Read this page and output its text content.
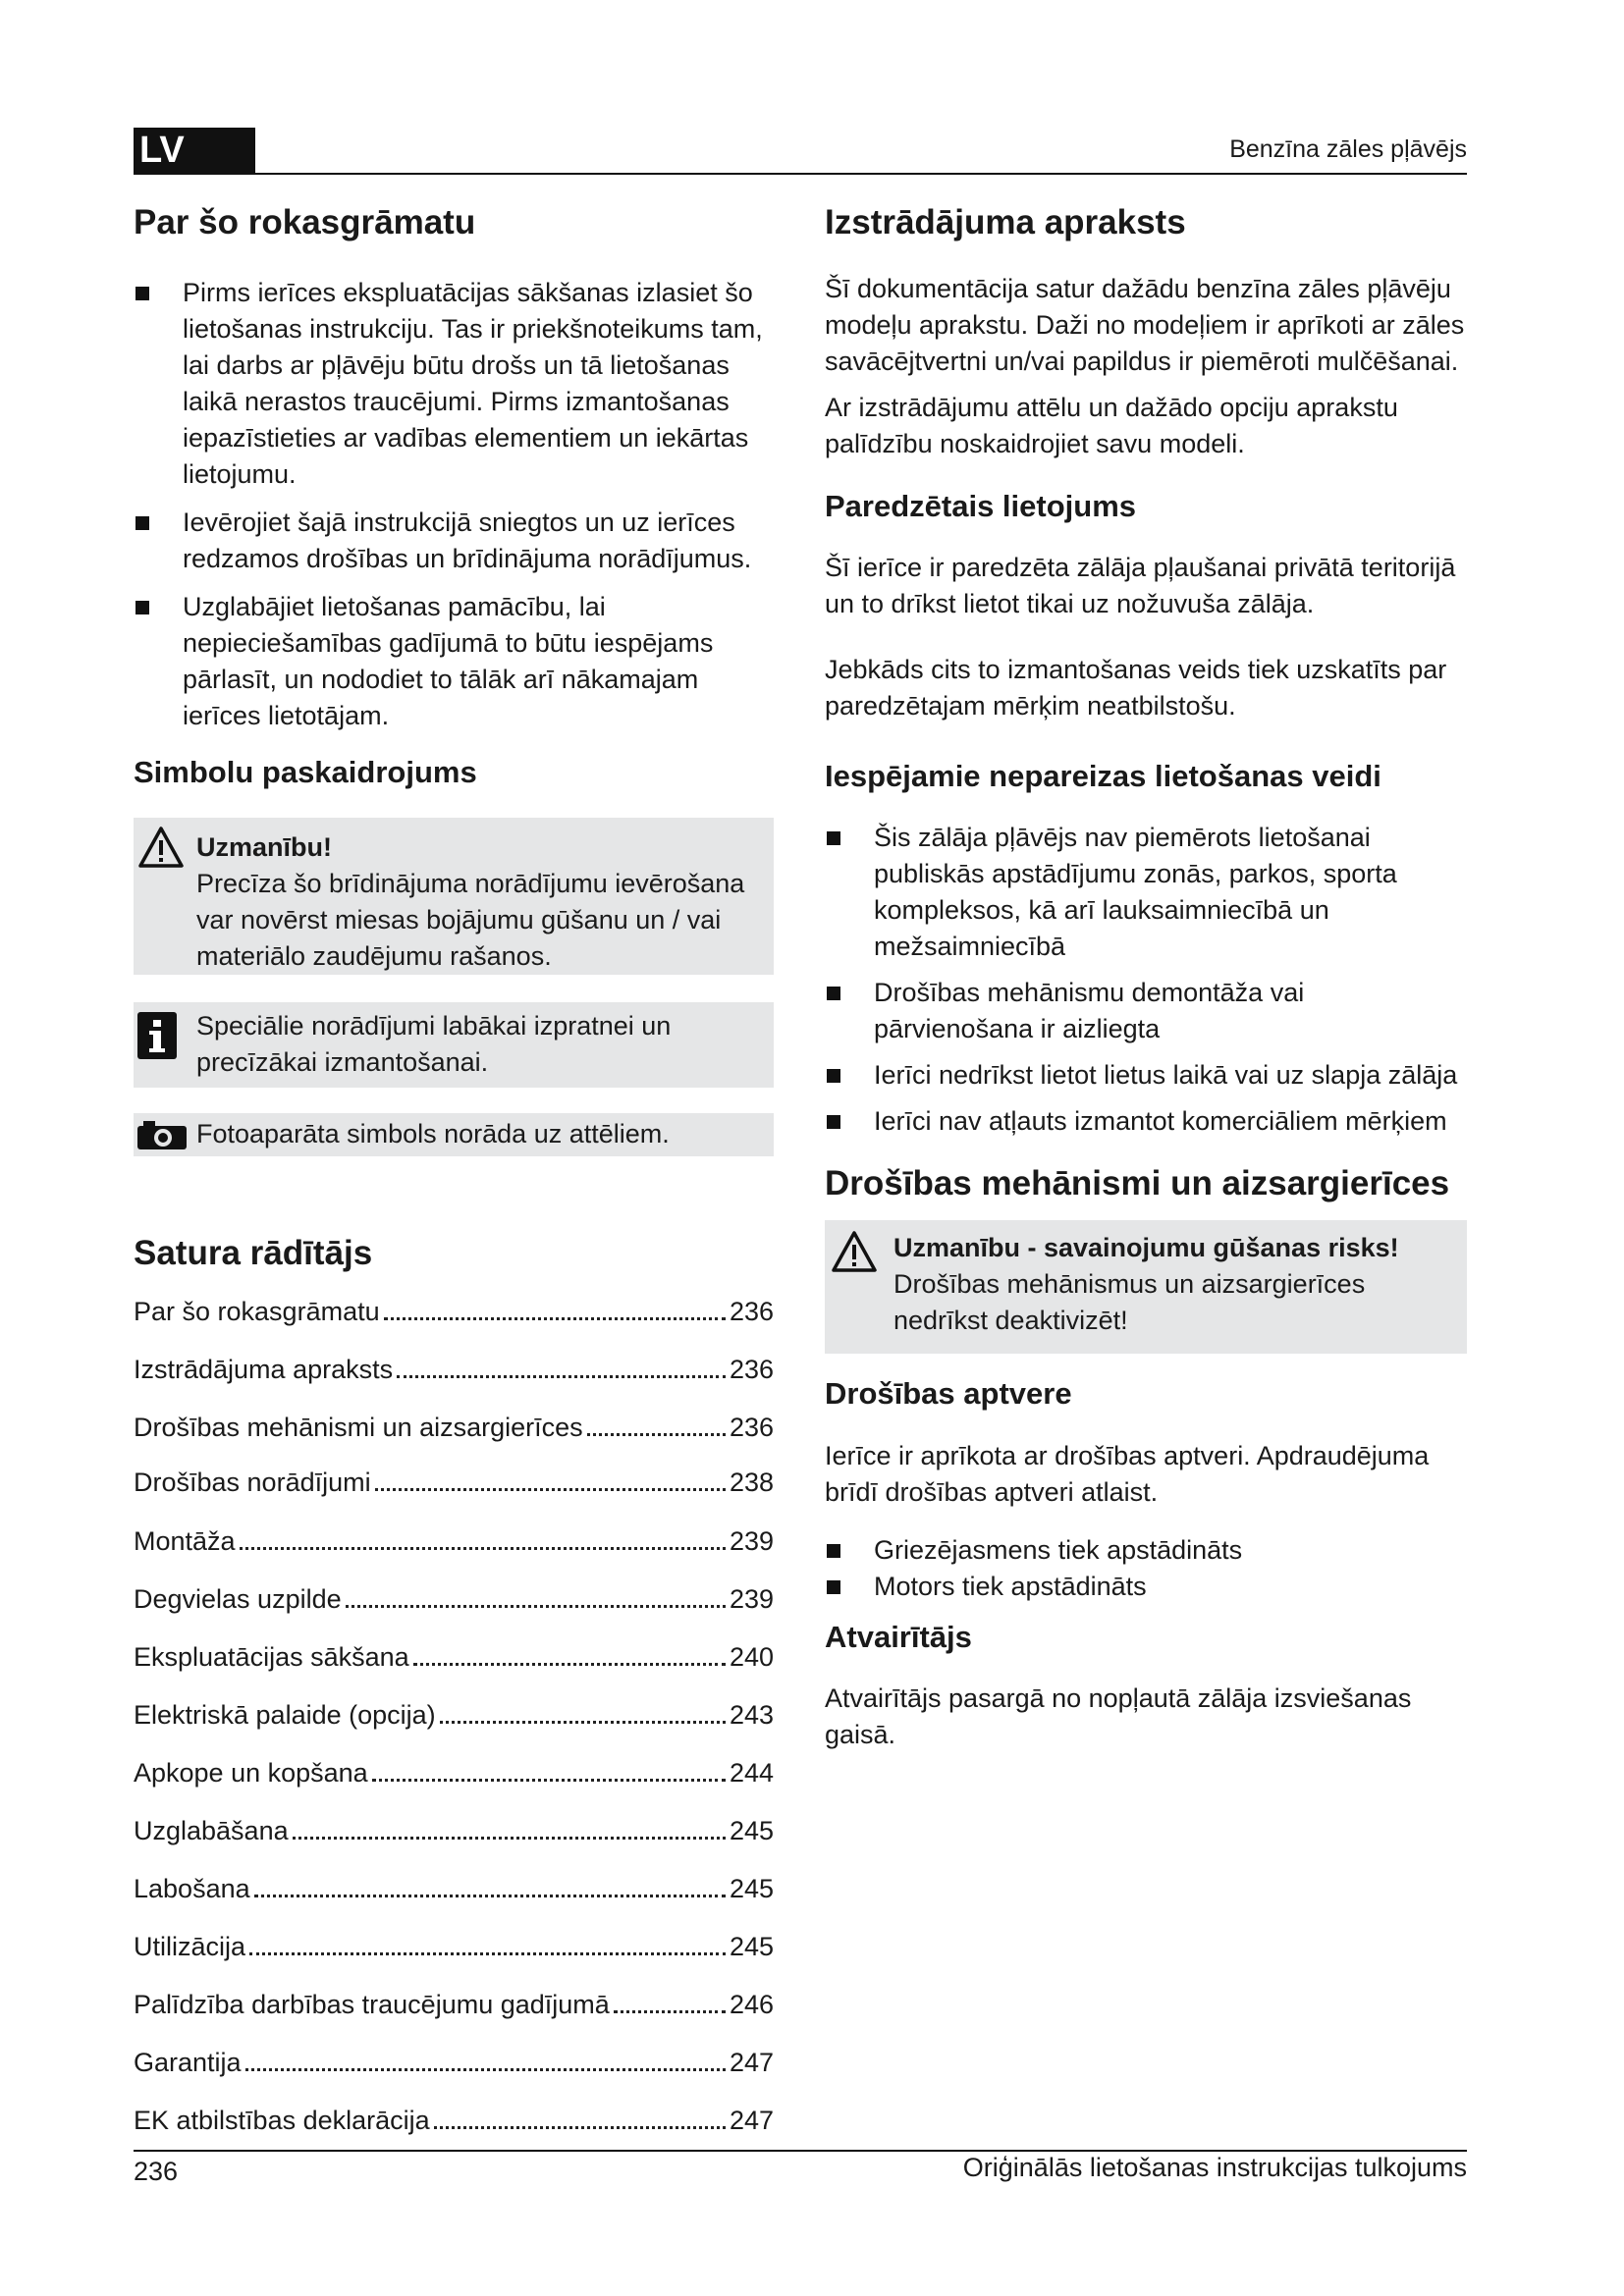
LV	Benzīna zāles pļāvējs
Par šo rokasgrāmatu
Pirms ierīces ekspluatācijas sākšanas izlasiet šo lietošanas instrukciju. Tas ir priekšnoteikums tam, lai darbs ar pļāvēju būtu drošs un tā lietošanas laikā nerastos traucējumi. Pirms izmantošanas iepazīstieties ar vadības elementiem un iekārtas lietojumu.
Ievērojiet šajā instrukcijā sniegtos un uz ierīces redzamos drošības un brīdinājuma norādījumus.
Uzglabājiet lietošanas pamācību, lai nepieciešamības gadījumā to būtu iespējams pārlasīt, un nododiet to tālāk arī nākamajam ierīces lietotājam.
Simbolu paskaidrojums
Uzmanību!
Precīza šo brīdinājuma norādījumu ievērošana var novērst miesas bojājumu gūšanu un / vai materiālo zaudējumu rašanos.
Speciālie norādījumi labākai izpratnei un precīzākai izmantošanai.
Fotoaparāta simbols norāda uz attēliem.
Satura rādītājs
Par šo rokasgrāmatu	236
Izstrādājuma apraksts	236
Drošības mehānismi un aizsargierīces	236
Drošības norādījumi	238
Montāža	239
Degvielas uzpilde	239
Ekspluatācijas sākšana	240
Elektriskā palaide (opcija)	243
Apkope un kopšana	244
Uzglabāšana	245
Labošana	245
Utilizācija	245
Palīdzība darbības traucējumu gadījumā	246
Garantija	247
EK atbilstības deklarācija	247
Izstrādājuma apraksts

Šī dokumentācija satur dažādu benzīna zāles pļāvēju modeļu aprakstu. Daži no modeļiem ir aprīkoti ar zāles savācējtvertni un/vai papildus ir piemēroti mulčēšanai.

Ar izstrādājumu attēlu un dažādo opciju aprakstu palīdzību noskaidrojiet savu modeli.

Paredzētais lietojums

Šī ierīce ir paredzēta zālāja pļaušanai privātā teritorijā un to drīkst lietot tikai uz nožuvuša zālāja.

Jebkāds cits to izmantošanas veids tiek uzskatīts par paredzētajam mērķim neatbilstošu.

Iespējamie nepareizas lietošanas veidi
Šis zālāja pļāvējs nav piemērots lietošanai publiskās apstādījumu zonās, parkos, sporta kompleksos, kā arī lauksaimniecībā un mežsaimniecībā
Drošības mehānismu demontāža vai pārvienošana ir aizliegta
Ierīci nedrīkst lietot lietus laikā vai uz slapja zālāja
Ierīci nav atļauts izmantot komerciāliem mērķiem
Drošības mehānismi un aizsargierīces
Uzmanību - savainojumu gūšanas risks!
Drošības mehānismus un aizsargierīces nedrīkst deaktivizēt!
Drošības aptvere

Ierīce ir aprīkota ar drošības aptveri. Apdraudējuma brīdī drošības aptveri atlaist.

Griezējasmens tiek apstādināts
Motors tiek apstādināts
Atvairītājs

Atvairītājs pasargā no nopļautā zālāja izsviešanas gaisā.

236	Oriģinālās lietošanas instrukcijas tulkojums
